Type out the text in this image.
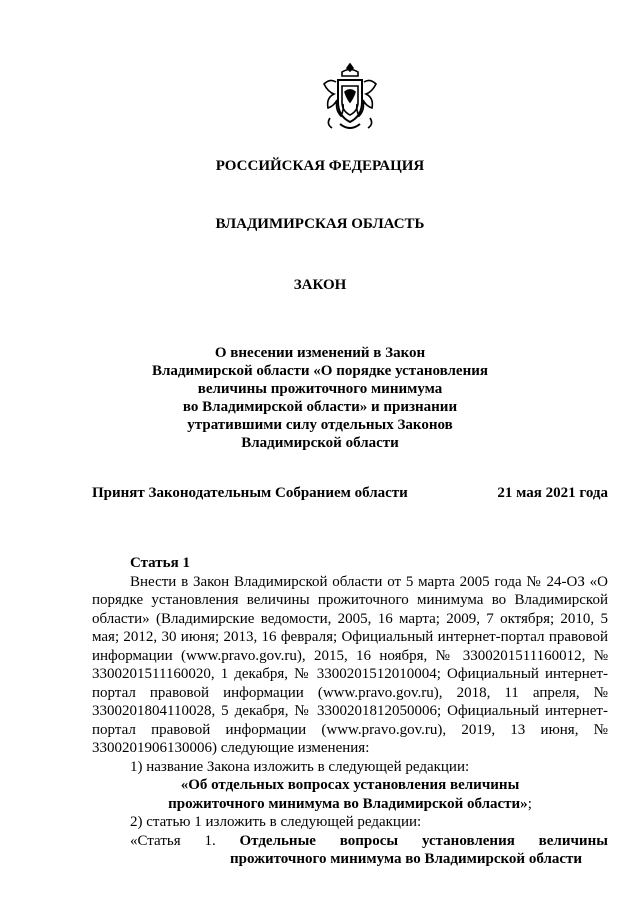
РОССИЙСКАЯ ФЕДЕРАЦИЯ
ВЛАДИМИРСКАЯ ОБЛАСТЬ
ЗАКОН
О внесении изменений в Закон
Владимирской области «О порядке установления
величины прожиточного минимума
во Владимирской области» и признании
утратившими силу отдельных Законов
Владимирской области
Принят Законодательным Собранием области	21 мая 2021 года

Статья 1

Внести в Закон Владимирской области от 5 марта 2005 года № 24-ОЗ «О порядке установления величины прожиточного минимума во Владимирской области» (Владимирские ведомости, 2005, 16 марта; 2009, 7 октября; 2010, 5 мая; 2012, 30 июня; 2013, 16 февраля; Официальный интернет-портал правовой информации (www.pravo.gov.ru), 2015, 16 ноября, № 3300201511160012, № 3300201511160020, 1 декабря, № 3300201512010004; Официальный интернет-портал правовой информации (www.pravo.gov.ru), 2018, 11 апреля, № 3300201804110028, 5 декабря, № 3300201812050006; Официальный интернет-портал правовой информации (www.pravo.gov.ru), 2019, 13 июня, № 3300201906130006) следующие изменения:

1) название Закона изложить в следующей редакции:

«Об отдельных вопросах установления величины

прожиточного минимума во Владимирской области»;

2) статью 1 изложить в следующей редакции:

«Статья 1. Отдельные вопросы установления величины

прожиточного минимума во Владимирской области
